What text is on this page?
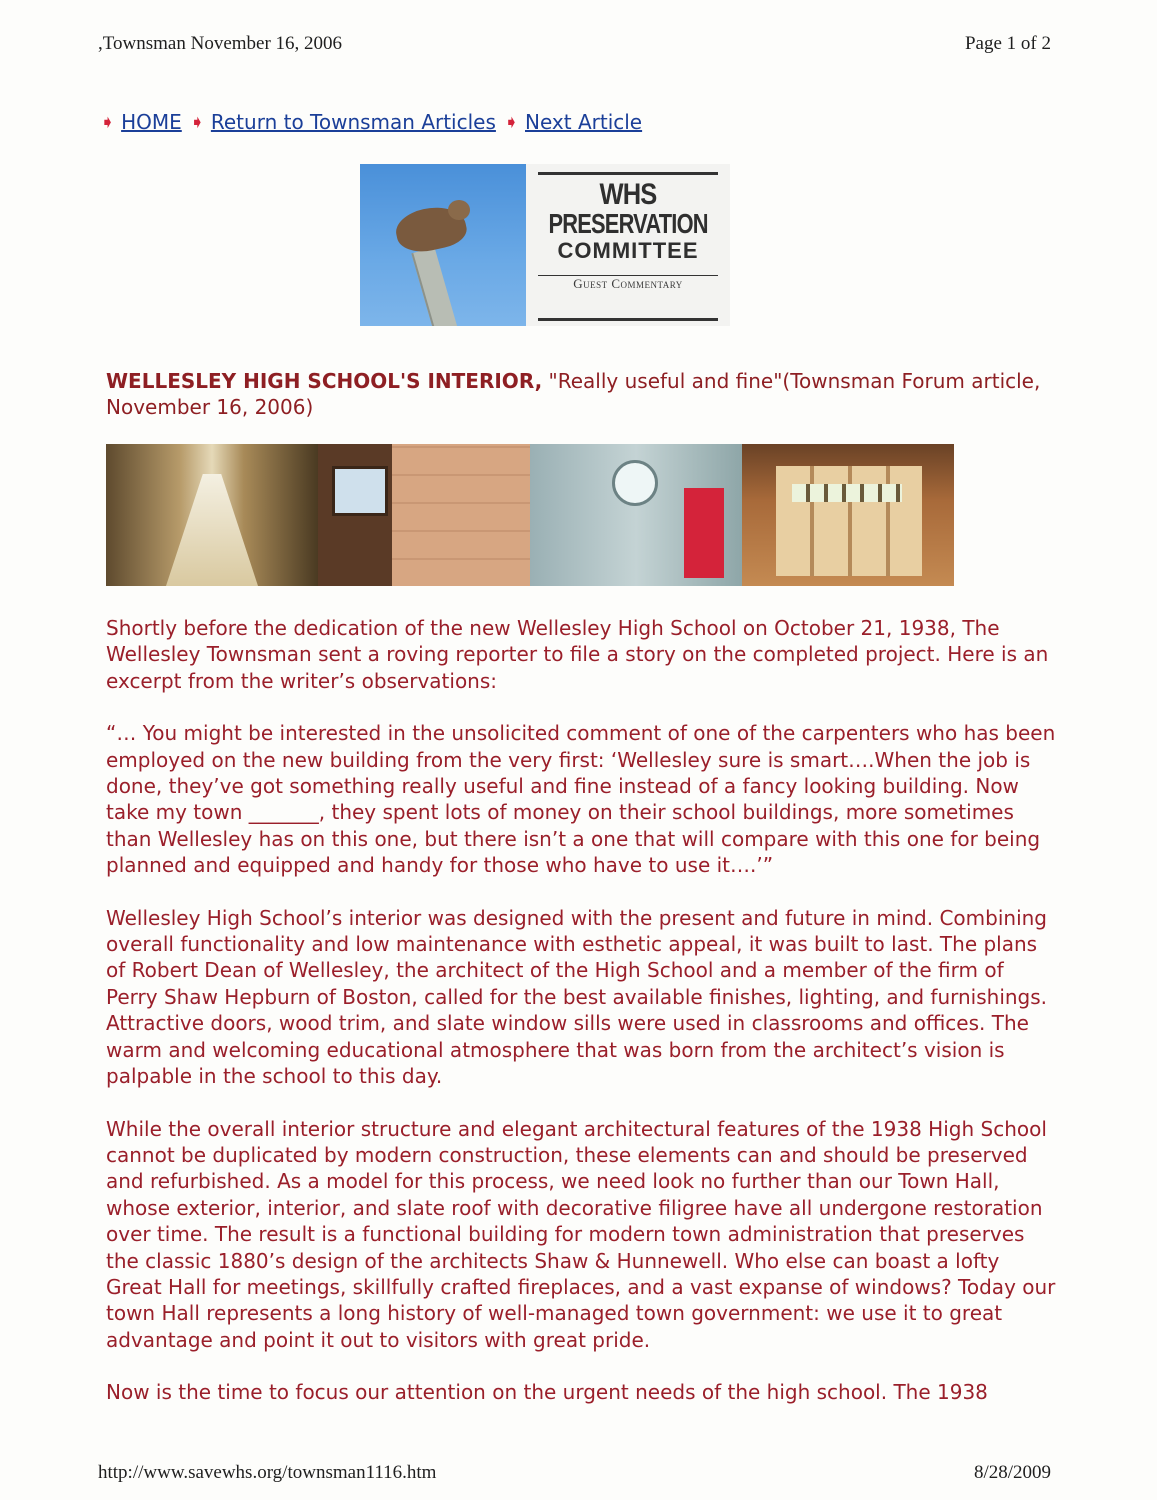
,Townsman November 16, 2006	Page 1 of 2
➧ HOME ➧ Return to Townsman Articles ➧ Next Article
WHS
PRESERVATION
COMMITTEE
Guest Commentary
WELLESLEY HIGH SCHOOL'S INTERIOR, "Really useful and fine"(Townsman Forum article, November 16, 2006)

Shortly before the dedication of the new Wellesley High School on October 21, 1938, The Wellesley Townsman sent a roving reporter to file a story on the completed project. Here is an excerpt from the writer’s observations:

“… You might be interested in the unsolicited comment of one of the carpenters who has been employed on the new building from the very first: ‘Wellesley sure is smart….When the job is done, they’ve got something really useful and fine instead of a fancy looking building. Now take my town _______, they spent lots of money on their school buildings, more sometimes than Wellesley has on this one, but there isn’t a one that will compare with this one for being planned and equipped and handy for those who have to use it….’”

Wellesley High School’s interior was designed with the present and future in mind. Combining overall functionality and low maintenance with esthetic appeal, it was built to last. The plans of Robert Dean of Wellesley, the architect of the High School and a member of the firm of Perry Shaw Hepburn of Boston, called for the best available finishes, lighting, and furnishings. Attractive doors, wood trim, and slate window sills were used in classrooms and offices. The warm and welcoming educational atmosphere that was born from the architect’s vision is palpable in the school to this day.

While the overall interior structure and elegant architectural features of the 1938 High School cannot be duplicated by modern construction, these elements can and should be preserved and refurbished. As a model for this process, we need look no further than our Town Hall, whose exterior, interior, and slate roof with decorative filigree have all undergone restoration over time. The result is a functional building for modern town administration that preserves the classic 1880’s design of the architects Shaw & Hunnewell. Who else can boast a lofty Great Hall for meetings, skillfully crafted fireplaces, and a vast expanse of windows? Today our town Hall represents a long history of well-managed town government: we use it to great advantage and point it out to visitors with great pride.

Now is the time to focus our attention on the urgent needs of the high school. The 1938

http://www.savewhs.org/townsman1116.htm	8/28/2009
